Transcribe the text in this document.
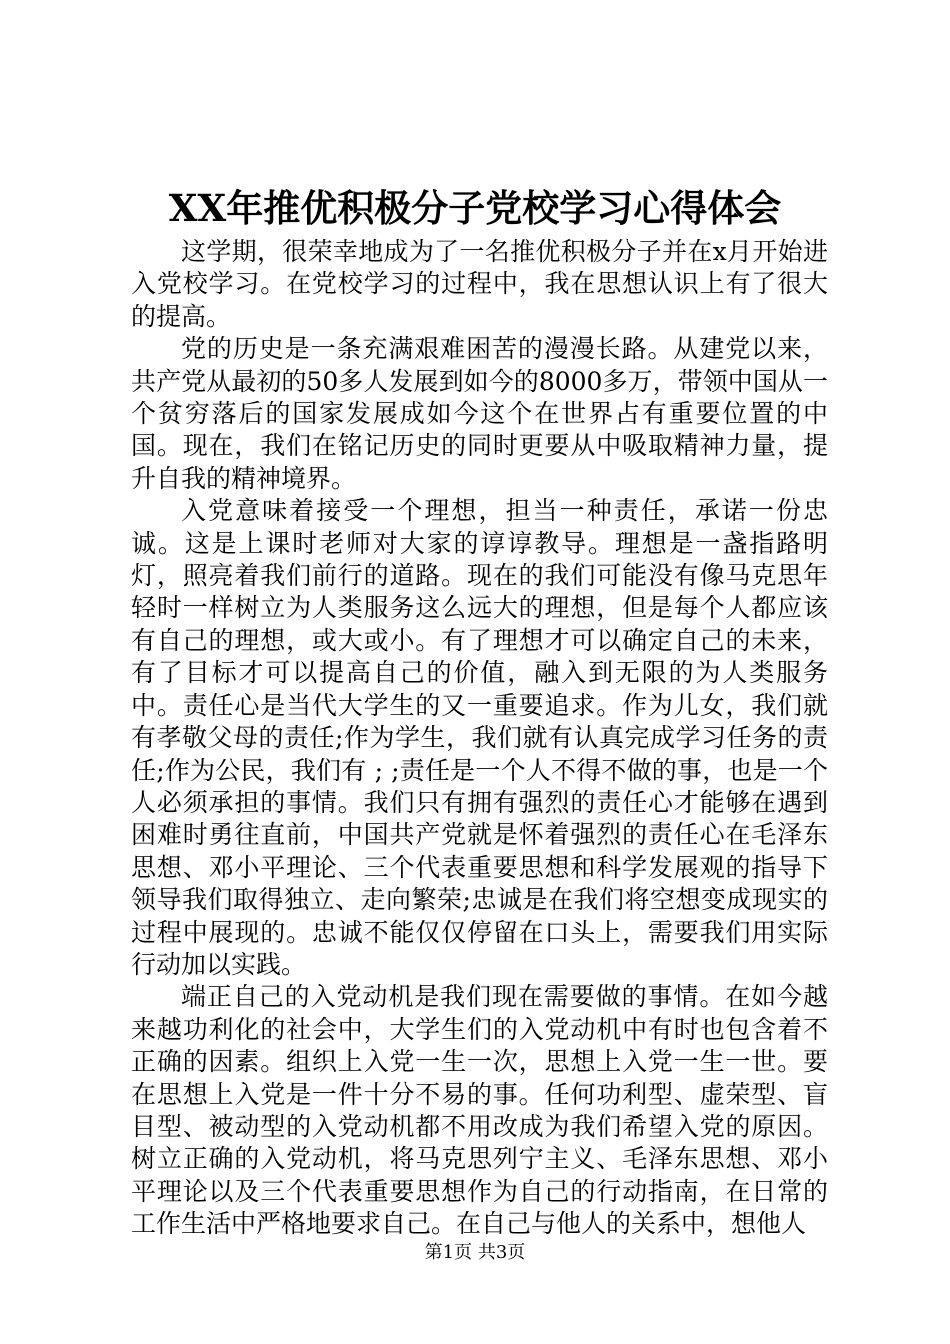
XX年推优积极分子党校学习心得体会

这学期，很荣幸地成为了一名推优积极分子并在x月开始进入党校学习。在党校学习的过程中，我在思想认识上有了很大的提高。

党的历史是一条充满艰难困苦的漫漫长路。从建党以来，共产党从最初的50多人发展到如今的8000多万，带领中国从一个贫穷落后的国家发展成如今这个在世界占有重要位置的中国。现在，我们在铭记历史的同时更要从中吸取精神力量，提升自我的精神境界。

入党意味着接受一个理想，担当一种责任，承诺一份忠诚。这是上课时老师对大家的谆谆教导。理想是一盏指路明灯，照亮着我们前行的道路。现在的我们可能没有像马克思年轻时一样树立为人类服务这么远大的理想，但是每个人都应该有自己的理想，或大或小。有了理想才可以确定自己的未来，有了目标才可以提高自己的价值，融入到无限的为人类服务中。责任心是当代大学生的又一重要追求。作为儿女，我们就有孝敬父母的责任;作为学生，我们就有认真完成学习任务的责任;作为公民，我们有 ; ;责任是一个人不得不做的事，也是一个人必须承担的事情。我们只有拥有强烈的责任心才能够在遇到困难时勇往直前，中国共产党就是怀着强烈的责任心在毛泽东思想、邓小平理论、三个代表重要思想和科学发展观的指导下领导我们取得独立、走向繁荣;忠诚是在我们将空想变成现实的过程中展现的。忠诚不能仅仅停留在口头上，需要我们用实际行动加以实践。

端正自己的入党动机是我们现在需要做的事情。在如今越来越功利化的社会中，大学生们的入党动机中有时也包含着不正确的因素。组织上入党一生一次，思想上入党一生一世。要在思想上入党是一件十分不易的事。任何功利型、虚荣型、盲目型、被动型的入党动机都不用改成为我们希望入党的原因。树立正确的入党动机，将马克思列宁主义、毛泽东思想、邓小平理论以及三个代表重要思想作为自己的行动指南，在日常的工作生活中严格地要求自己。在自己与他人的关系中，想他人

第1页 共3页
